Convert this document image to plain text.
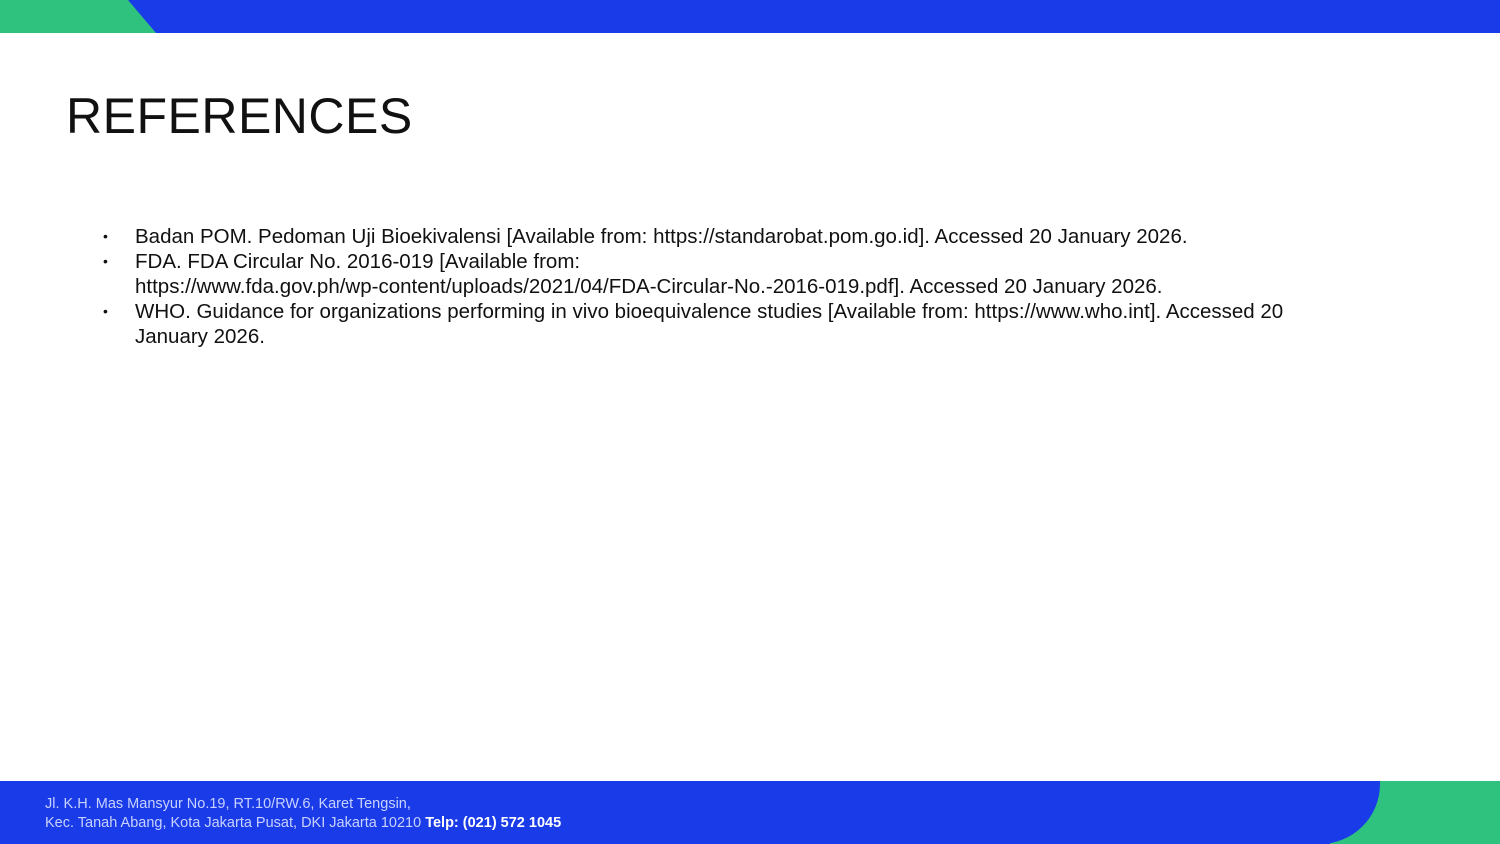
REFERENCES
• Badan POM. Pedoman Uji Bioekivalensi [Available from: https://standarobat.pom.go.id]. Accessed 20 January 2026.
• FDA. FDA Circular No. 2016-019 [Available from:
https://www.fda.gov.ph/wp-content/uploads/2021/04/FDA-Circular-No.-2016-019.pdf]. Accessed 20 January 2026.
• WHO. Guidance for organizations performing in vivo bioequivalence studies [Available from: https://www.who.int]. Accessed 20
January 2026.
Jl. K.H. Mas Mansyur No.19, RT.10/RW.6, Karet Tengsin,
Kec. Tanah Abang, Kota Jakarta Pusat, DKI Jakarta 10210 Telp: (021) 572 1045
